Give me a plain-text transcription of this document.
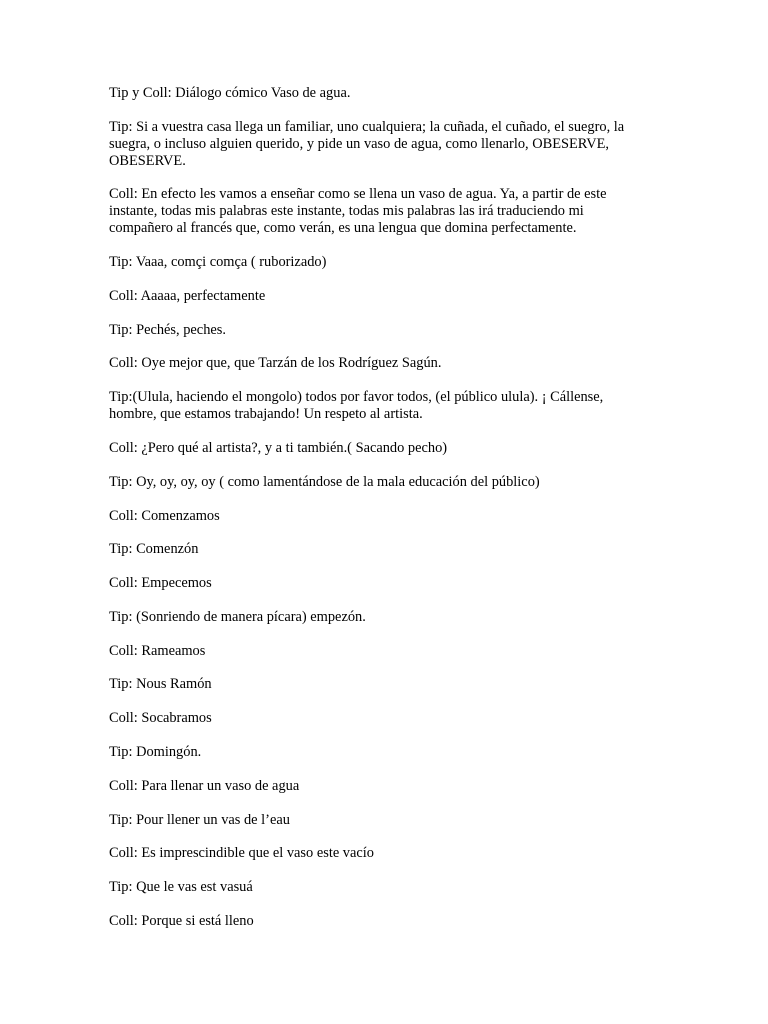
Tip y Coll: Diálogo cómico Vaso de agua.

Tip: Si a vuestra casa llega un familiar, uno cualquiera; la cuñada, el cuñado, el suegro, la suegra, o incluso alguien querido, y pide un vaso de agua, como llenarlo, OBESERVE, OBESERVE.

Coll: En efecto les vamos a enseñar como se llena un vaso de agua. Ya, a partir de este instante, todas mis palabras este instante, todas mis palabras las irá traduciendo mi compañero al francés que, como verán, es una lengua que domina perfectamente.

Tip: Vaaa, comçi comça ( ruborizado)

Coll: Aaaaa, perfectamente

Tip: Pechés, peches.

Coll: Oye mejor que, que Tarzán de los Rodríguez Sagún.

Tip:(Ulula, haciendo el mongolo) todos por favor todos, (el público ulula). ¡ Cállense, hombre, que estamos trabajando! Un respeto al artista.

Coll: ¿Pero qué al artista?, y a ti también.( Sacando pecho)

Tip: Oy, oy, oy, oy ( como lamentándose de la mala educación del público)

Coll: Comenzamos

Tip: Comenzón

Coll: Empecemos

Tip: (Sonriendo de manera pícara) empezón.

Coll: Rameamos

Tip: Nous Ramón

Coll: Socabramos

Tip: Domingón.

Coll: Para llenar un vaso de agua

Tip: Pour llener un vas de l’eau

Coll: Es imprescindible que el vaso este vacío

Tip: Que le vas est vasuá

Coll: Porque si está lleno
